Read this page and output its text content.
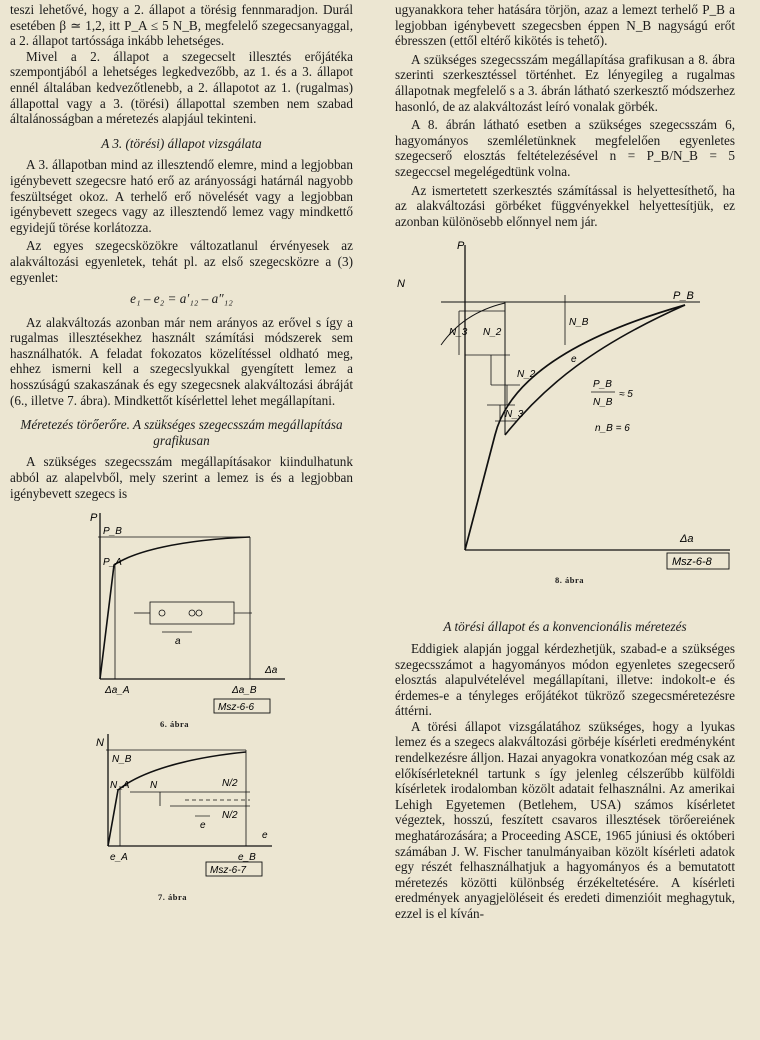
teszi lehetővé, hogy a 2. állapot a törésig fennmaradjon. Durál esetében β ≃ 1,2, itt P_A ≤ 5 N_B, megfelelő szegecsanyaggal, a 2. állapot tartóssága inkább lehetséges.

Mivel a 2. állapot a szegecselt illesztés erőjátéka szempontjából a lehetséges legkedvezőbb, az 1. és a 3. állapot ennél általában kedvezőtlenebb, a 2. állapotot az 1. (rugalmas) állapottal vagy a 3. (törési) állapottal szemben nem szabad általánosságban a méretezés alapjául tekinteni.

A 3. (törési) állapot vizsgálata

A 3. állapotban mind az illesztendő elemre, mind a legjobban igénybevett szegecsre ható erő az arányossági határnál nagyobb feszültséget okoz. A terhelő erő növelését vagy a legjobban igénybevett szegecs vagy az illesztendő lemez vagy mindkettő egyidejű törése korlátozza.

Az egyes szegecsközökre változatlanul érvényesek az alakváltozási egyenletek, tehát pl. az első szegecsközre a (3) egyenlet:

e₁ – e₂ = a′₁₂ – a″₁₂

Az alakváltozás azonban már nem arányos az erővel s így a rugalmas illesztésekhez használt számítási módszerek sem használhatók. A feladat fokozatos közelítéssel oldható meg, ehhez ismerni kell a szegecslyukkal gyengített lemez a hosszúságú szakaszának és egy szegecsnek alakváltozási ábráját (6., illetve 7. ábra). Mindkettőt kísérlettel lehet megállapítani.

Méretezés törőerőre. A szükséges szegecsszám megállapítása grafikusan

A szükséges szegecsszám megállapításakor kiindulhatunk abból az alapelvből, mely szerint a lemez is és a legjobban igénybevett szegecs is

P
P_B
P_A
a
Δa
Δa_A	Δa_B
Msz-6-6
6. ábra
N
N_B
N_A N	N/2
N/2
e
e
e_A	e_B
Msz-6-7
7. ábra

ugyanakkora teher hatására törjön, azaz a lemezt terhelő P_B a legjobban igénybevett szegecsben éppen N_B nagyságú erőt ébresszen (ettől eltérő kikötés is tehető).

A szükséges szegecsszám megállapítása grafikusan a 8. ábra szerinti szerkesztéssel történhet. Ez lényegileg a rugalmas állapotnak megfelelő s a 3. ábrán látható szerkesztő módszerhez hasonló, de az alakváltozást leíró vonalak görbék.

A 8. ábrán látható esetben a szükséges szegecsszám 6, hagyományos szemléletünknek megfelelően egyenletes szegecserő elosztás feltételezésével n = P_B/N_B = 5 szegeccsel megelégedtünk volna.

Az ismertetett szerkesztés számítással is helyettesíthető, ha az alakváltozási görbéket függvényekkel helyettesítjük, ez azonban különösebb előnnyel nem jár.

P
N
P_B
N_B
e
N_3 N_2
N_2
N_3
P_B
N_B
≈ 5
n_B = 6
Δa
Msz-6-8
8. ábra
A törési állapot és a konvencionális méretezés

Eddigiek alapján joggal kérdezhetjük, szabad-e a szükséges szegecsszámot a hagyományos módon egyenletes szegecserő elosztás alapulvételével megállapítani, illetve: indokolt-e és érdemes-e a tényleges erőjátékot tükröző szegecsméretezésre áttérni.

A törési állapot vizsgálatához szükséges, hogy a lyukas lemez és a szegecs alakváltozási görbéje kísérleti eredményként rendelkezésre álljon. Hazai anyagokra vonatkozóan még csak az előkísérleteknél tartunk s így jelenleg célszerűbb külföldi kísérletek irodalomban közölt adatait felhasználni. Az amerikai Lehigh Egyetemen (Betlehem, USA) számos kísérletet végeztek, hosszú, feszített csavaros illesztések törőereiének meghatározására; a Proceeding ASCE, 1965 júniusi és októberi számában J. W. Fischer tanulmányaiban közölt kísérleti adatok egy részét felhasználhatjuk a hagyományos és a bemutatott méretezés közötti különbség érzékeltetésére. A kísérleti eredmények anyagjelöléseit és eredeti dimenzióit meghagytuk, ezzel is el kíván-
